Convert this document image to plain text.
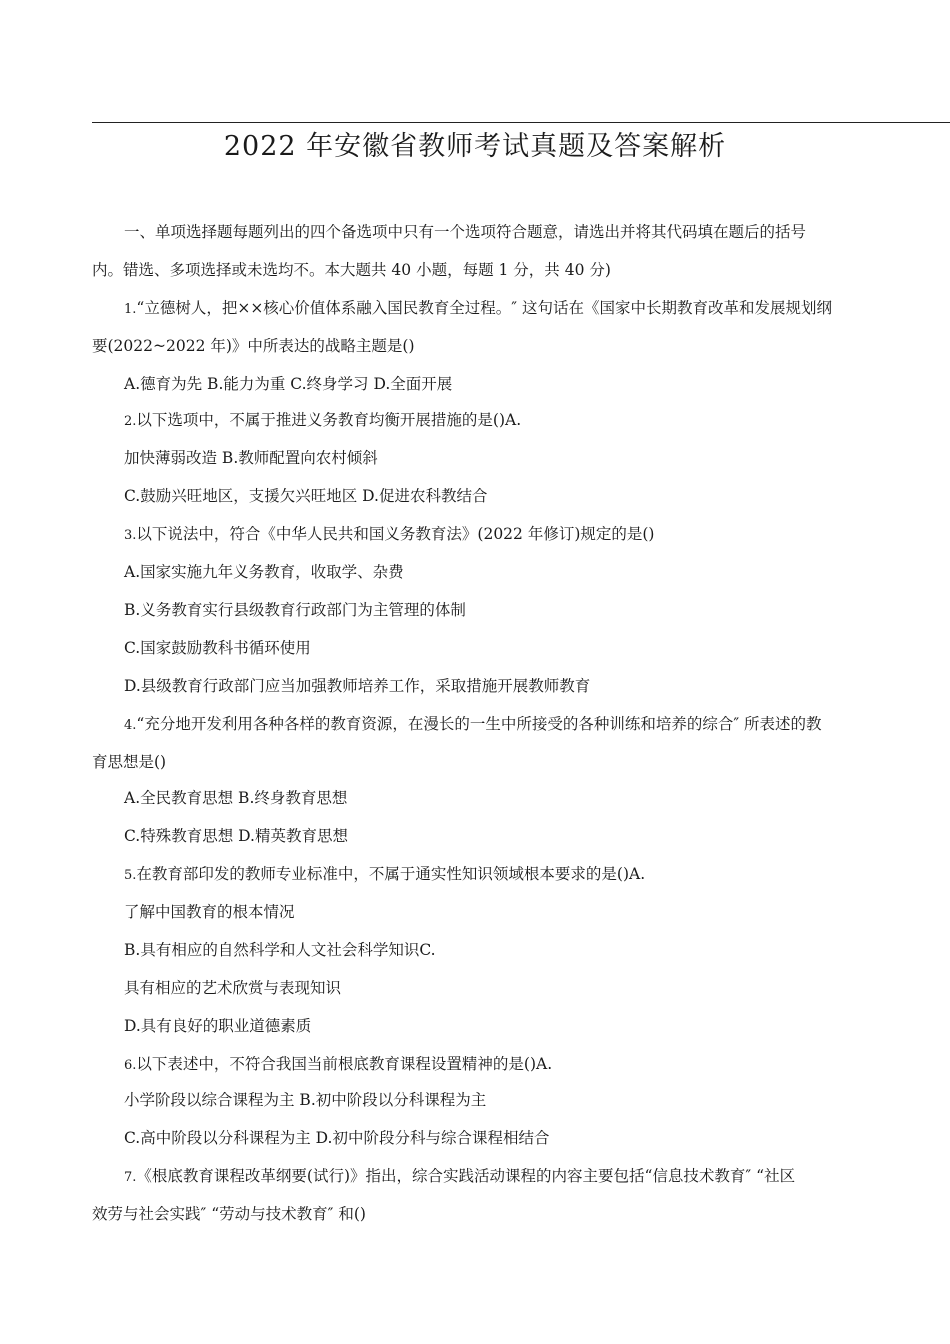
2022 年安徽省教师考试真题及答案解析
一、单项选择题每题列出的四个备选项中只有一个选项符合题意，请选出并将其代码填在题后的括号
内。错选、多项选择或未选均不。本大题共 40 小题，每题 1 分，共 40 分)
1.“立德树人，把××核心价值体系融入国民教育全过程。″ 这句话在《国家中长期教育改革和发展规划纲
要(2022~2022 年)》中所表达的战略主题是()
A.德育为先 B.能力为重 C.终身学习 D.全面开展
2.以下选项中，不属于推进义务教育均衡开展措施的是()A.
加快薄弱改造 B.教师配置向农村倾斜
C.鼓励兴旺地区，支援欠兴旺地区 D.促进农科教结合
3.以下说法中，符合《中华人民共和国义务教育法》(2022 年修订)规定的是()
A.国家实施九年义务教育，收取学、杂费
B.义务教育实行县级教育行政部门为主管理的体制
C.国家鼓励教科书循环使用
D.县级教育行政部门应当加强教师培养工作，采取措施开展教师教育
4.“充分地开发利用各种各样的教育资源，在漫长的一生中所接受的各种训练和培养的综合″ 所表述的教
育思想是()
A.全民教育思想 B.终身教育思想
C.特殊教育思想 D.精英教育思想
5.在教育部印发的教师专业标准中，不属于通实性知识领域根本要求的是()A.
了解中国教育的根本情况
B.具有相应的自然科学和人文社会科学知识C.
具有相应的艺术欣赏与表现知识
D.具有良好的职业道德素质
6.以下表述中，不符合我国当前根底教育课程设置精神的是()A.
小学阶段以综合课程为主 B.初中阶段以分科课程为主
C.高中阶段以分科课程为主 D.初中阶段分科与综合课程相结合
7.《根底教育课程改革纲要(试行)》指出，综合实践活动课程的内容主要包括“信息技术教育″ “社区
效劳与社会实践″ “劳动与技术教育″ 和()
